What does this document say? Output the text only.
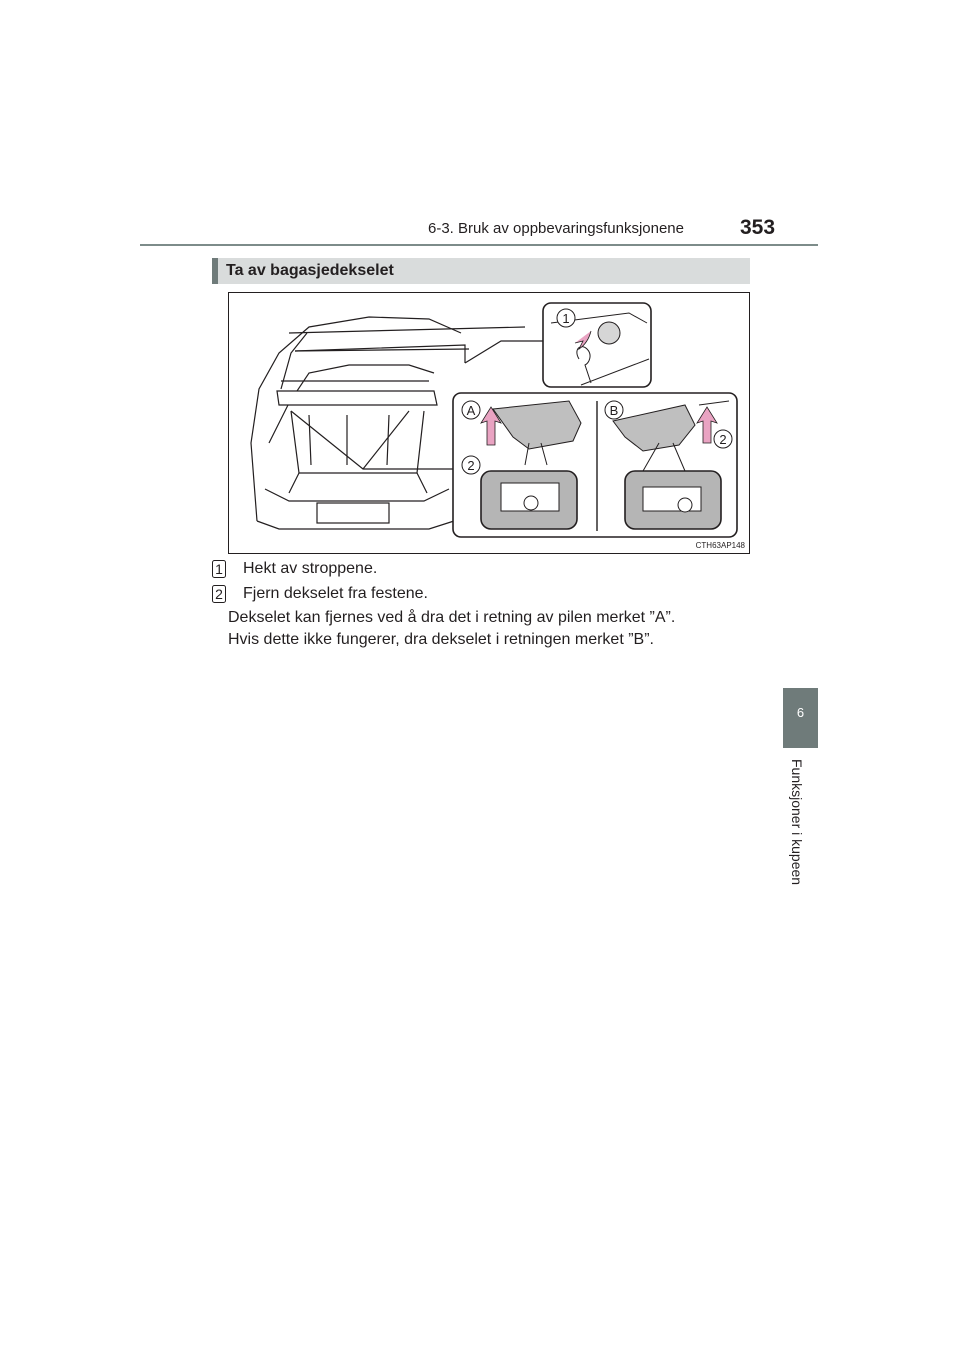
6-3. Bruk av oppbevaringsfunksjonene	353
6
Funksjoner i kupeen
Ta av bagasjedekselet
1
A	B
2
2
CTH63AP148
1 Hekt av stroppene.
2 Fjern dekselet fra festene.
Dekselet kan fjernes ved å dra det i retning av pilen merket ”A”.
Hvis dette ikke fungerer, dra dekselet i retningen merket ”B”.
